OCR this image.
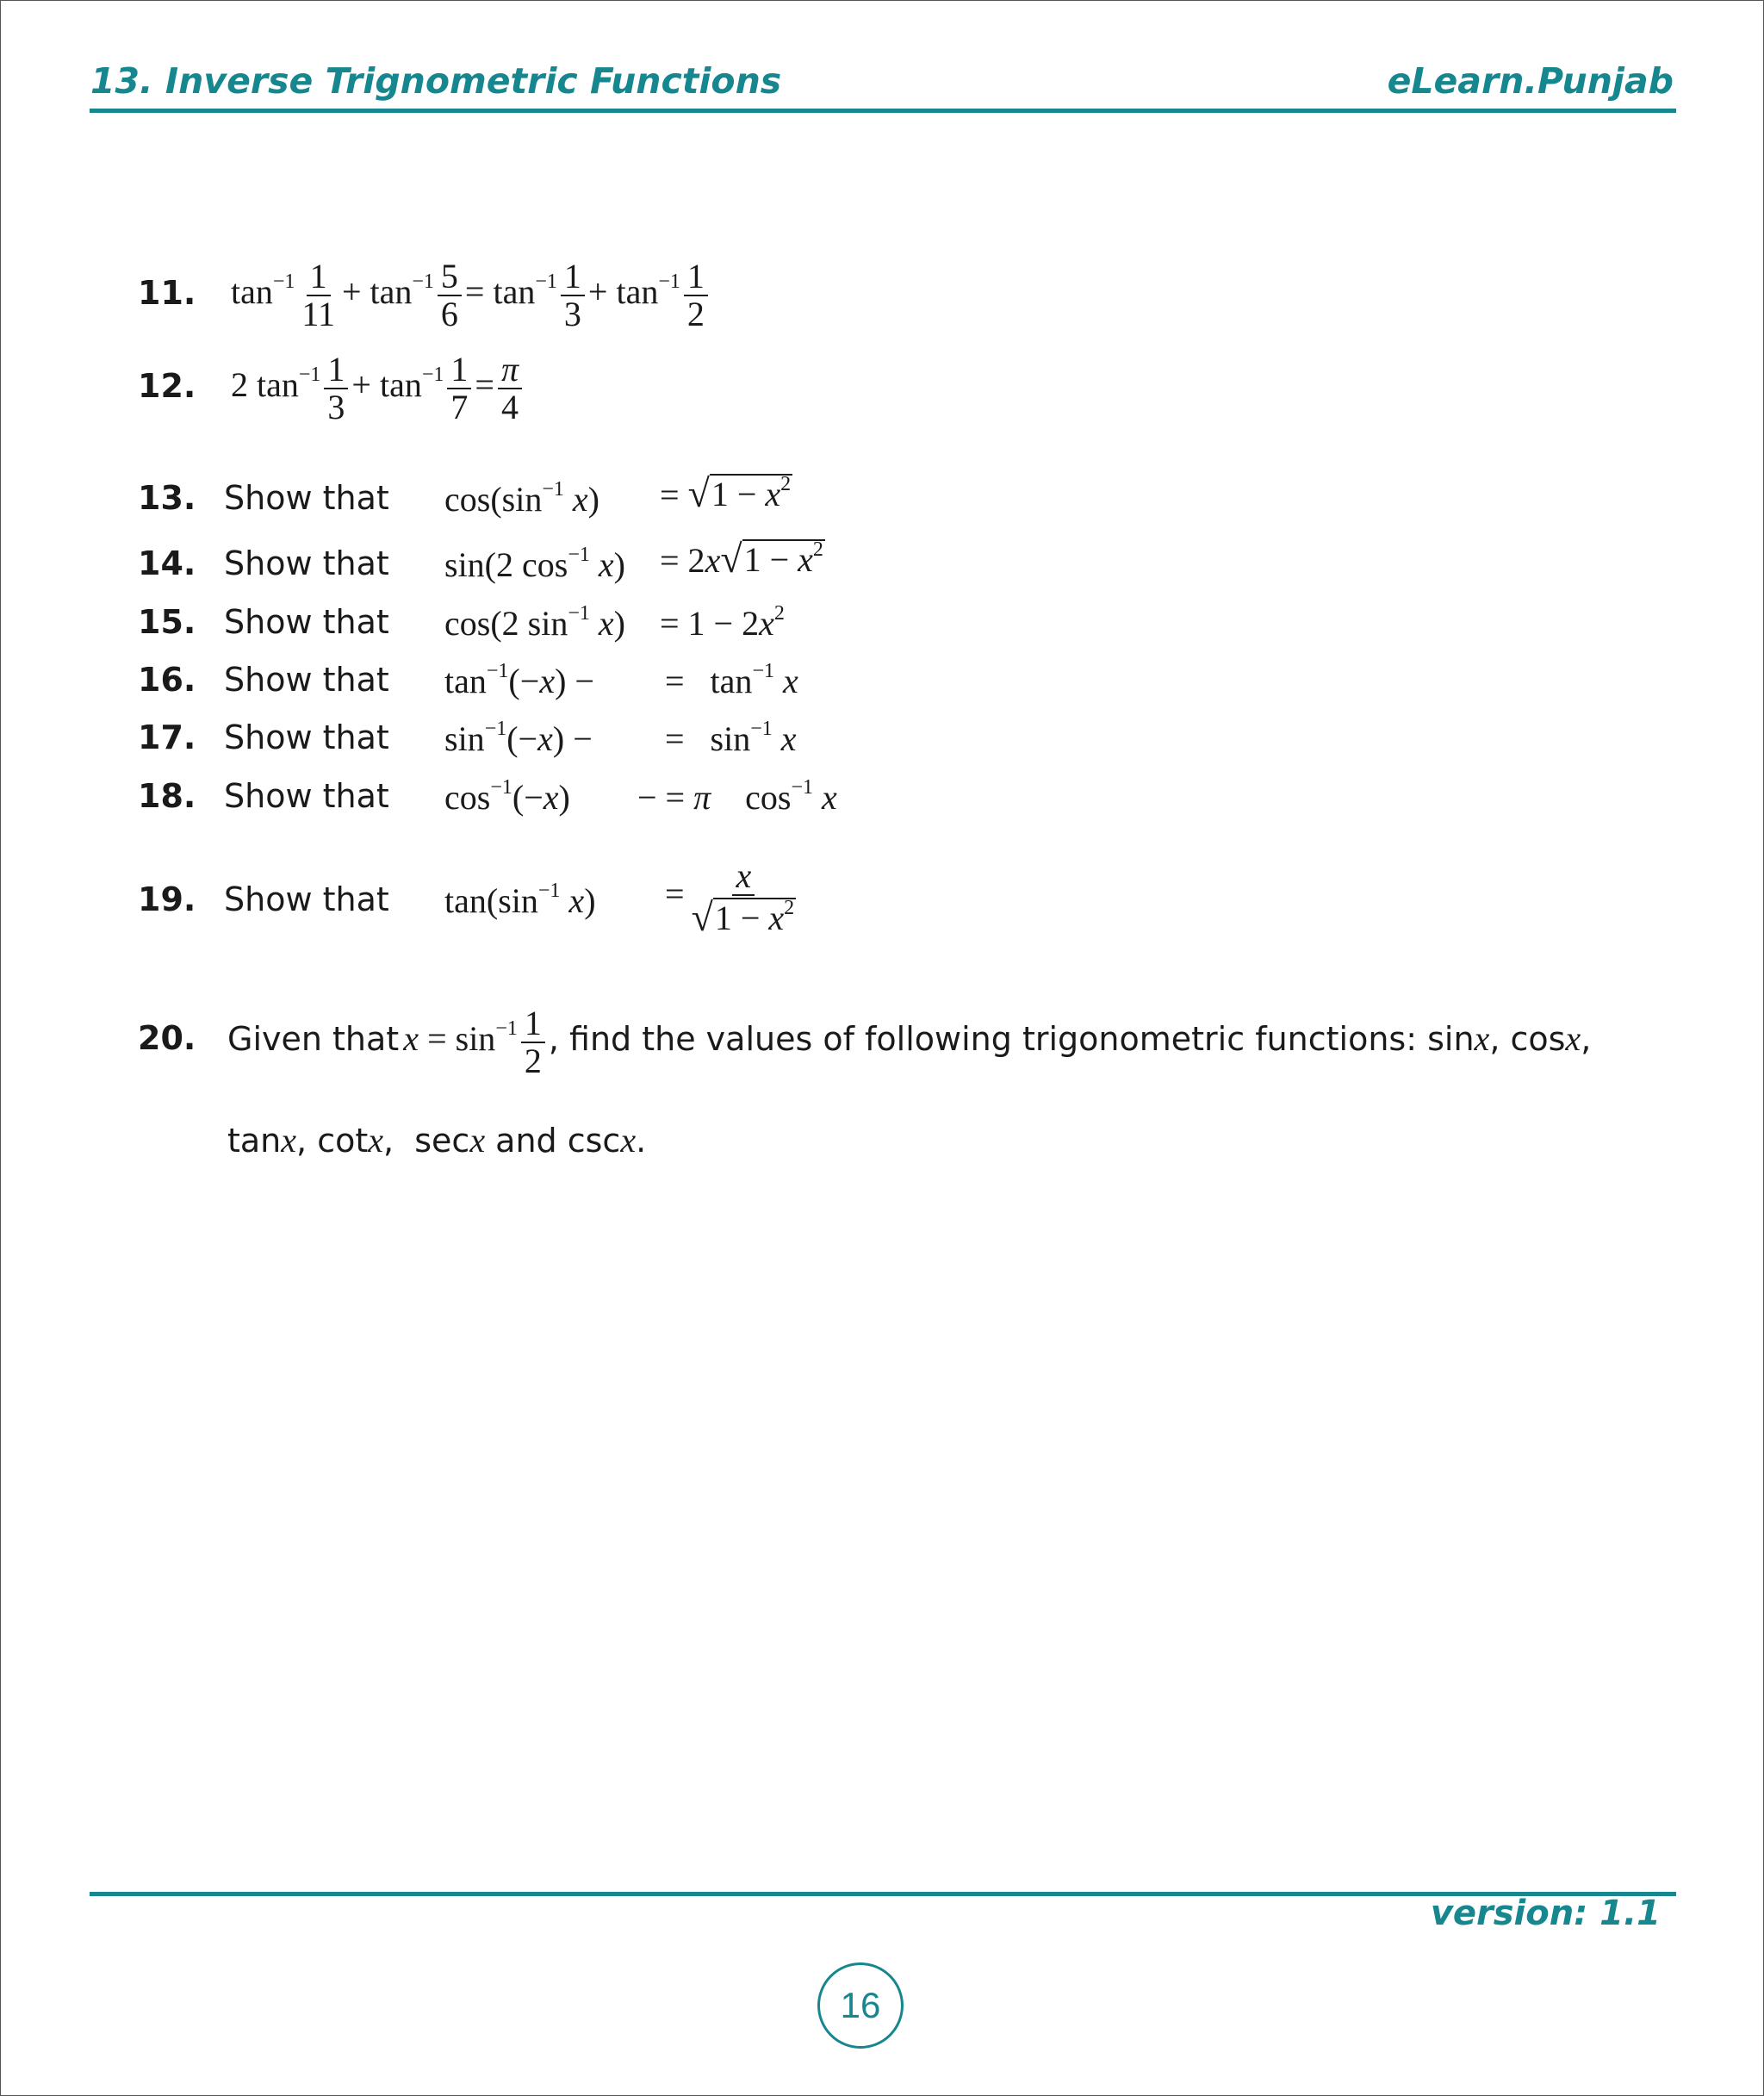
13. Inverse Trignometric Functions	eLearn.Punjab
11. $\tan^{-1} \frac{1}{11} + \tan^{-1} \frac{5}{6} = \tan^{-1} \frac{1}{3} + \tan^{-1} \frac{1}{2}$
12. 2 $\tan^{-1} \frac{1}{3} + \tan^{-1} \frac{1}{7} = \frac{\pi}{4}$
13. Show that $\cos(\sin^{-1}$ x) = √ $1 - x^2$
14. Show that sin(2 $\cos^{-1} x) = 2x$ √ $1 - x^2$
15. Show that cos(2 $\sin^{-1} x) = 1 - 2x^2$
16. Show that $\tan^{-1}(-x)$ − =   $\tan^{-1} x$
17. Show that $\sin^{-1}(-x)$ − =   $\sin^{-1} x$
18. Show that $\cos^{-1}(-x)$ − = π    $\cos^{-1} x$
19. Show that $\tan(\sin^{-1}$ $x) = \frac{x}{√ 1 - x^2}$
20. Given that $x = \sin^{-1} \frac{1}{2}$ , find the values of following trigonometric functions: sinx, cosx,
tanx, cotx,  secx and cscx.
version: 1.1
16
